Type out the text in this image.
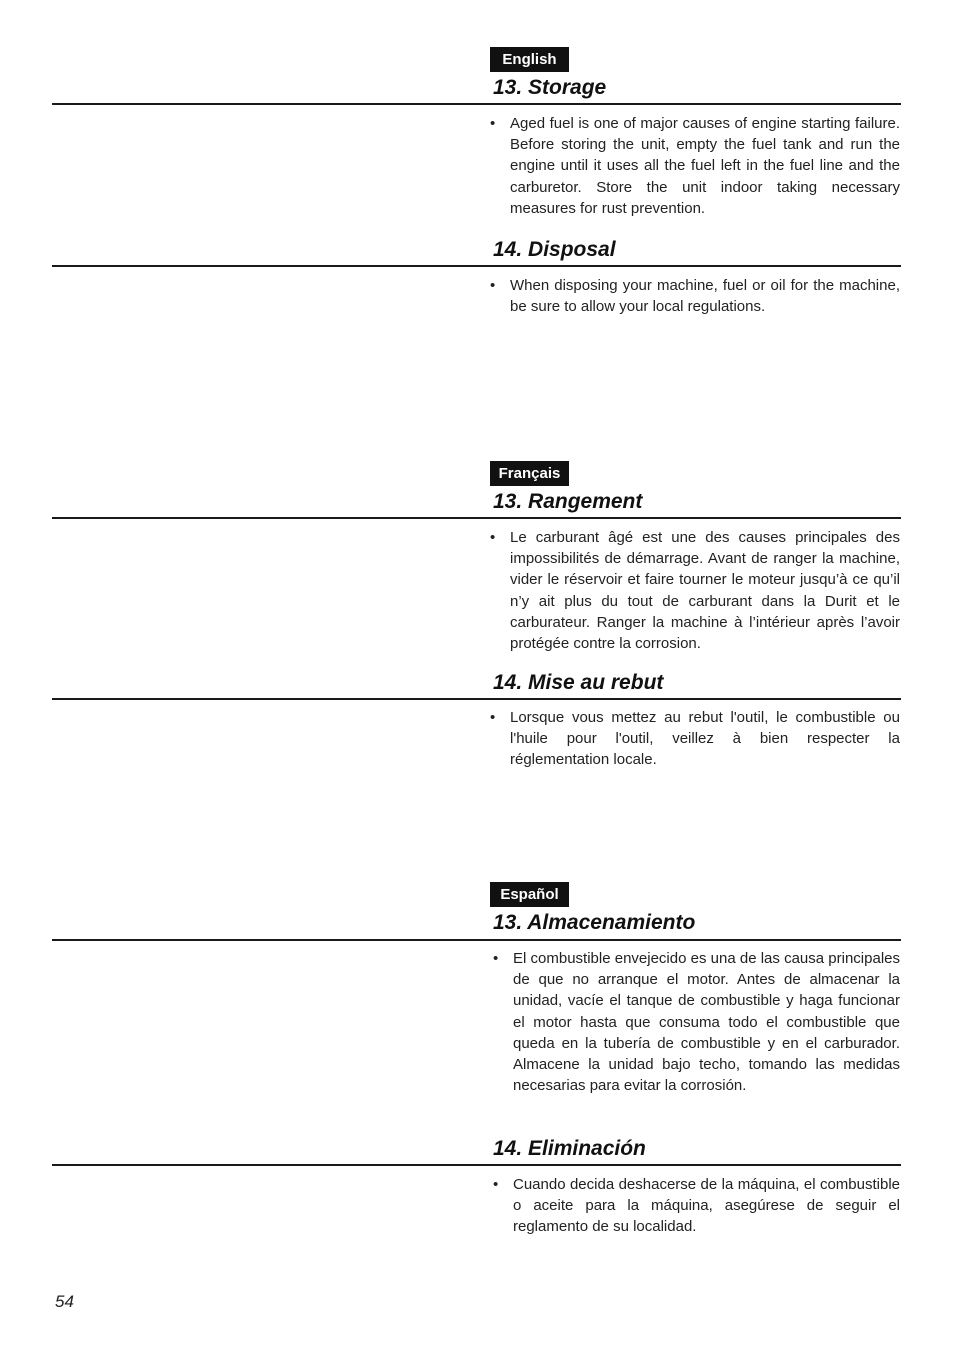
English
13. Storage
• Aged fuel is one of major causes of engine starting failure. Before storing the unit, empty the fuel tank and run the engine until it uses all the fuel left in the fuel line and the carburetor. Store the unit indoor taking necessary measures for rust prevention.
14. Disposal
• When disposing your machine, fuel or oil for the machine, be sure to allow your local regulations.
Français
13. Rangement
• Le carburant âgé est une des causes principales des impossibilités de démarrage. Avant de ranger la machine, vider le réservoir et faire tourner le moteur jusqu’à ce qu’il n’y ait plus du tout de carburant dans la Durit et le carburateur. Ranger la machine à l’intérieur après l’avoir protégée contre la corrosion.
14. Mise au rebut
• Lorsque vous mettez au rebut l'outil, le combustible ou l'huile pour l'outil, veillez à bien respecter la réglementation locale.
Español
13. Almacenamiento
• El combustible envejecido es una de las causa principales de que no arranque el motor. Antes de almacenar la unidad, vacíe el tanque de combustible y haga funcionar el motor hasta que consuma todo el combustible que queda en la tubería de combustible y en el carburador. Almacene la unidad bajo techo, tomando las medidas necesarias para evitar la corrosión.
14. Eliminación
• Cuando decida deshacerse de la máquina, el combustible o aceite para la máquina, asegúrese de seguir el reglamento de su localidad.
54
